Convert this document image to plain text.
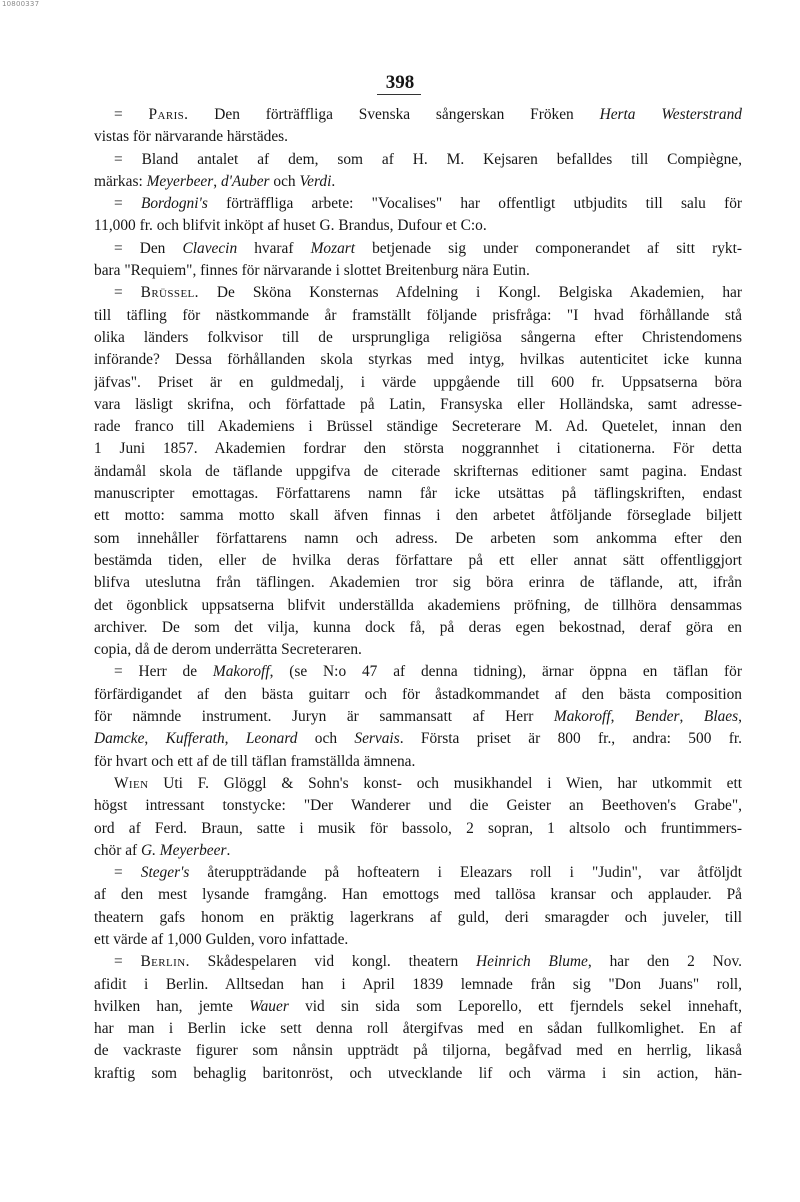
10800337
398
= Paris. Den förträffliga Svenska sångerskan Fröken Herta Westerstrand
vistas för närvarande härstädes.
= Bland antalet af dem, som af H. M. Kejsaren befalldes till Compiègne,
märkas: Meyerbeer, d'Auber och Verdi.
= Bordogni's förträffliga arbete: "Vocalises" har offentligt utbjudits till salu för
11,000 fr. och blifvit inköpt af huset G. Brandus, Dufour et C:o.
= Den Clavecin hvaraf Mozart betjenade sig under componerandet af sitt rykt-
bara "Requiem", finnes för närvarande i slottet Breitenburg nära Eutin.
= Brüssel. De Sköna Konsternas Afdelning i Kongl. Belgiska Akademien, har
till täfling för nästkommande år framställt följande prisfråga: "I hvad förhållande stå
olika länders folkvisor till de ursprungliga religiösa sångerna efter Christendomens
införande? Dessa förhållanden skola styrkas med intyg, hvilkas autenticitet icke kunna
jäfvas". Priset är en guldmedalj, i värde uppgående till 600 fr. Uppsatserna böra
vara läsligt skrifna, och författade på Latin, Fransyska eller Holländska, samt adresse-
rade franco till Akademiens i Brüssel ständige Secreterare M. Ad. Quetelet, innan den
1 Juni 1857. Akademien fordrar den största noggrannhet i citationerna. För detta
ändamål skola de täflande uppgifva de citerade skrifternas editioner samt pagina. Endast
manuscripter emottagas. Författarens namn får icke utsättas på täflingskriften, endast
ett motto: samma motto skall äfven finnas i den arbetet åtföljande förseglade biljett
som innehåller författarens namn och adress. De arbeten som ankomma efter den
bestämda tiden, eller de hvilka deras författare på ett eller annat sätt offentliggjort
blifva uteslutna från täflingen. Akademien tror sig böra erinra de täflande, att, ifrån
det ögonblick uppsatserna blifvit underställda akademiens pröfning, de tillhöra densammas
archiver. De som det vilja, kunna dock få, på deras egen bekostnad, deraf göra en
copia, då de derom underrätta Secreteraren.
= Herr de Makoroff, (se N:o 47 af denna tidning), ärnar öppna en täflan för
förfärdigandet af den bästa guitarr och för åstadkommandet af den bästa composition
för nämnde instrument. Juryn är sammansatt af Herr Makoroff, Bender, Blaes,
Damcke, Kufferath, Leonard och Servais. Första priset är 800 fr., andra: 500 fr.
för hvart och ett af de till täflan framställda ämnena.
Wien Uti F. Glöggl & Sohn's konst- och musikhandel i Wien, har utkommit ett
högst intressant tonstycke: "Der Wanderer und die Geister an Beethoven's Grabe",
ord af Ferd. Braun, satte i musik för bassolo, 2 sopran, 1 altsolo och fruntimmers-
chör af G. Meyerbeer.
= Steger's återuppträdande på hofteatern i Eleazars roll i "Judin", var åtföljdt
af den mest lysande framgång. Han emottogs med tallösa kransar och applauder. På
theatern gafs honom en präktig lagerkrans af guld, deri smaragder och juveler, till
ett värde af 1,000 Gulden, voro infattade.
= Berlin. Skådespelaren vid kongl. theatern Heinrich Blume, har den 2 Nov.
afidit i Berlin. Alltsedan han i April 1839 lemnade från sig "Don Juans" roll,
hvilken han, jemte Wauer vid sin sida som Leporello, ett fjerndels sekel innehaft,
har man i Berlin icke sett denna roll återgifvas med en sådan fullkomlighet. En af
de vackraste figurer som nånsin uppträdt på tiljorna, begåfvad med en herrlig, likaså
kraftig som behaglig baritonröst, och utvecklande lif och värma i sin action, hän-
